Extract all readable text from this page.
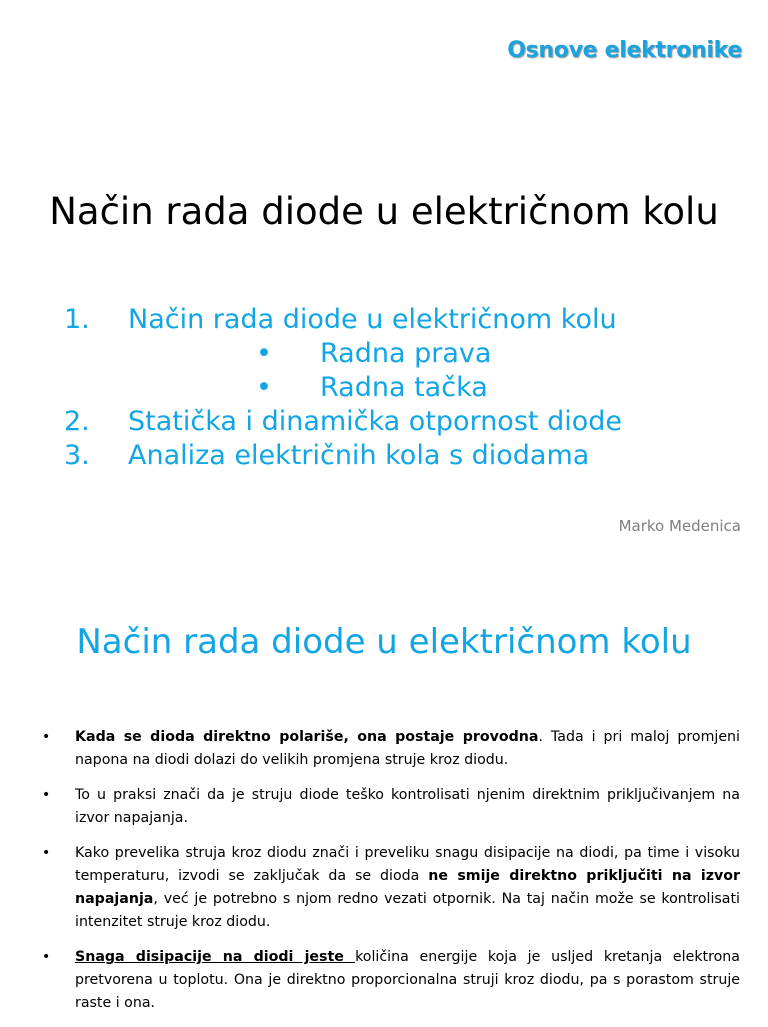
Osnove elektronike
Način rada diode u električnom kolu
1. Način rada diode u električnom kolu
• Radna prava
• Radna tačka
2. Statička i dinamička otpornost diode
3. Analiza električnih kola s diodama
Marko Medenica
Način rada diode u električnom kolu
• Kada se dioda direktno polariše, ona postaje provodna. Tada i pri maloj promjeni napona na diodi dolazi do velikih promjena struje kroz diodu.
• To u praksi znači da je struju diode teško kontrolisati njenim direktnim priključivanjem na izvor napajanja.
• Kako prevelika struja kroz diodu znači i preveliku snagu disipacije na diodi, pa time i visoku temperaturu, izvodi se zaključak da se dioda ne smije direktno priključiti na izvor napajanja, već je potrebno s njom redno vezati otpornik. Na taj način može se kontrolisati intenzitet struje kroz diodu.
• Snaga disipacije na diodi jeste količina energije koja je usljed kretanja elektrona pretvorena u toplotu. Ona je direktno proporcionalna struji kroz diodu, pa s porastom struje raste i ona.
